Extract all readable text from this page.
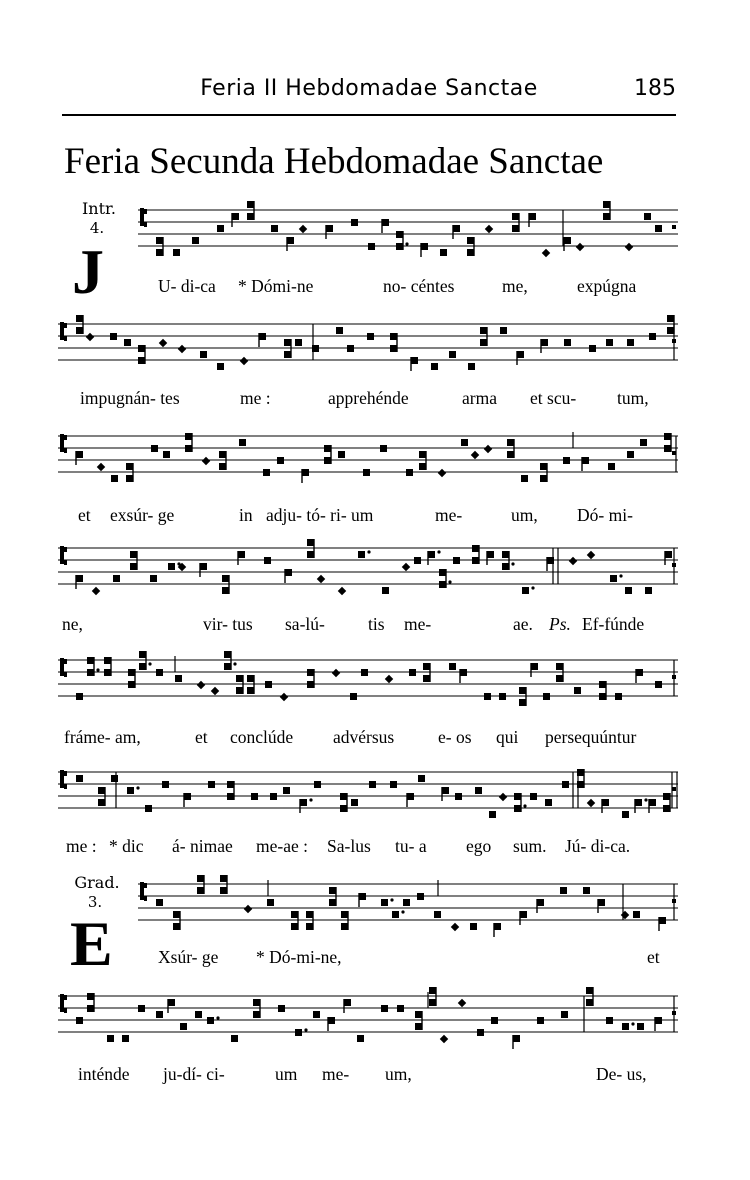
Feria II Hebdomadae Sanctae	185
Feria Secunda Hebdomadae Sanctae
Intr.
4.
J
Grad.
3.
E
U- di-ca * Dómi-ne	no- céntes	me,	expúgna
impugnán- tes	me :	apprehénde	arma et scu- tum,
et exsúr- ge	in adju- tó- ri- um	me-	um, Dó- mi-
ne,	vir- tus sa-lú- tis me-	ae. Ps. Ef-fúnde
fráme- am,	et conclúde advérsus	e- os qui persequúntur
me : * dic á- nimae me-ae : Sa-lus tu- a ego sum. Jú- di-ca.
Xsúr- ge * Dó-mi-ne,	et
inténde ju-dí- ci-	um me- um,	De- us,
